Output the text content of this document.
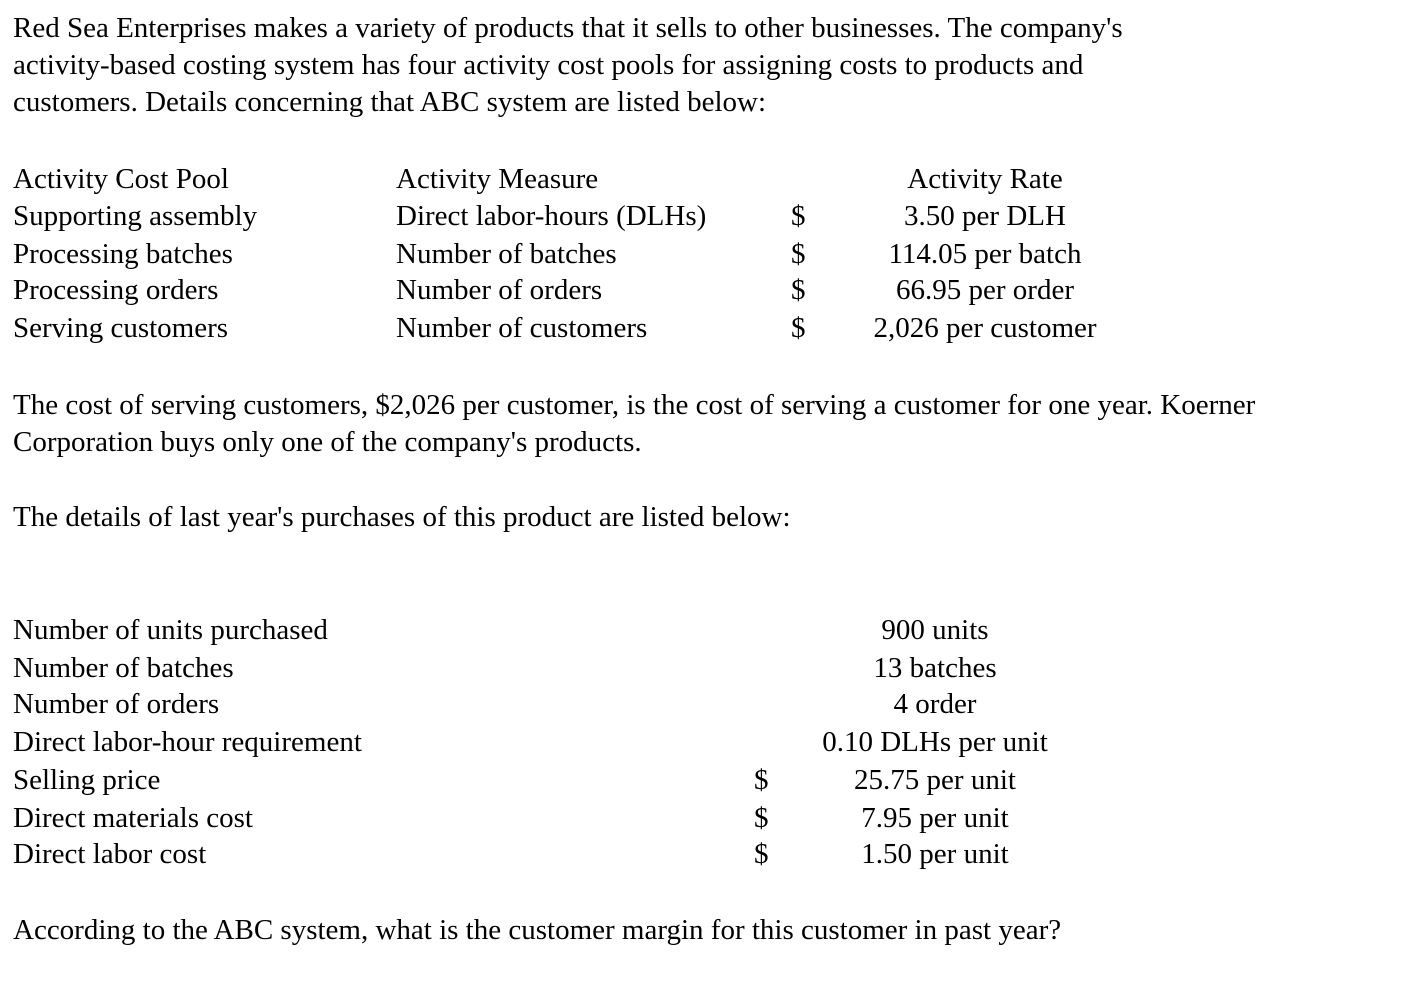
Red Sea Enterprises makes a variety of products that it sells to other businesses. The company's activity-based costing system has four activity cost pools for assigning costs to products and customers. Details concerning that ABC system are listed below:

Activity Cost Pool	Activity Measure	Activity Rate
Supporting assembly	Direct labor-hours (DLHs)	$	3.50 per DLH
Processing batches	Number of batches	$	114.05 per batch
Processing orders	Number of orders	$	66.95 per order
Serving customers	Number of customers	$	2,026 per customer

The cost of serving customers, $2,026 per customer, is the cost of serving a customer for one year. Koerner Corporation buys only one of the company's products.

The details of last year's purchases of this product are listed below:

Number of units purchased	900 units
Number of batches	13 batches
Number of orders	4 order
Direct labor-hour requirement	0.10 DLHs per unit
Selling price	$	25.75 per unit
Direct materials cost	$	7.95 per unit
Direct labor cost	$	1.50 per unit

According to the ABC system, what is the customer margin for this customer in past year?
